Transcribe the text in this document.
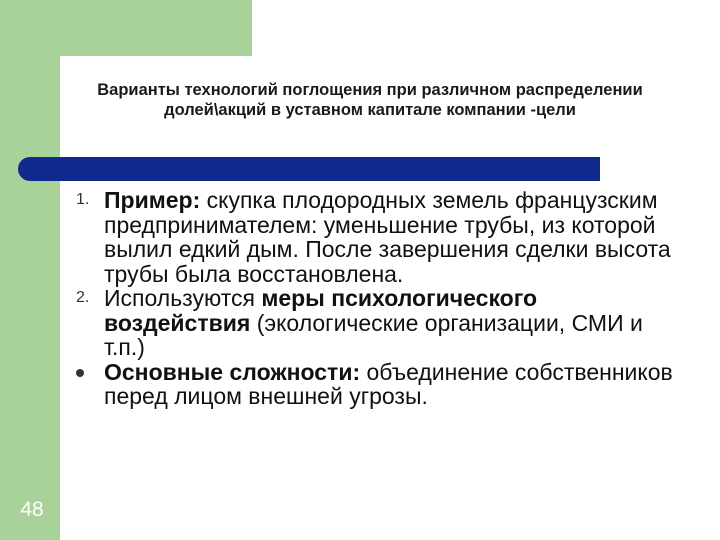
Варианты технологий поглощения при различном распределении долей\акций в уставном капитале компании -цели
48
1. Пример: скупка плодородных земель французским предпринимателем: уменьшение трубы, из которой вылил едкий дым. После завершения сделки высота трубы была восстановлена.
2. Используются меры психологического воздействия (экологические организации, СМИ и т.п.)
Основные сложности: объединение собственников перед лицом внешней угрозы.
